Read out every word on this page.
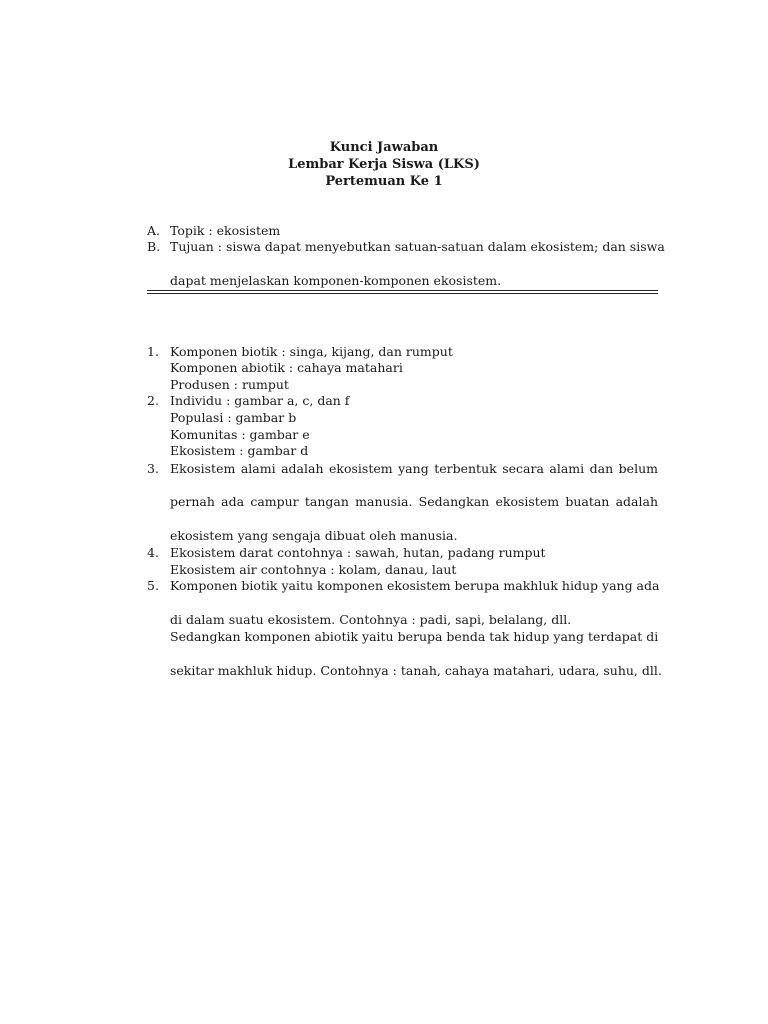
Kunci Jawaban
Lembar Kerja Siswa (LKS)
Pertemuan Ke 1
A. Topik : ekosistem
B. Tujuan : siswa dapat menyebutkan satuan-satuan dalam ekosistem; dan siswa
dapat menjelaskan komponen-komponen ekosistem.
1. Komponen biotik : singa, kijang, dan rumput
Komponen abiotik : cahaya matahari
Produsen : rumput
2. Individu : gambar a, c, dan f
Populasi : gambar b
Komunitas : gambar e
Ekosistem : gambar d
3. Ekosistem alami adalah ekosistem yang terbentuk secara alami dan belum
pernah ada campur tangan manusia. Sedangkan ekosistem buatan adalah
ekosistem yang sengaja dibuat oleh manusia.
4. Ekosistem darat contohnya : sawah, hutan, padang rumput
Ekosistem air contohnya : kolam, danau, laut
5. Komponen biotik yaitu komponen ekosistem berupa makhluk hidup yang ada
di dalam suatu ekosistem. Contohnya : padi, sapi, belalang, dll.
Sedangkan komponen abiotik yaitu berupa benda tak hidup yang terdapat di
sekitar makhluk hidup. Contohnya : tanah, cahaya matahari, udara, suhu, dll.
